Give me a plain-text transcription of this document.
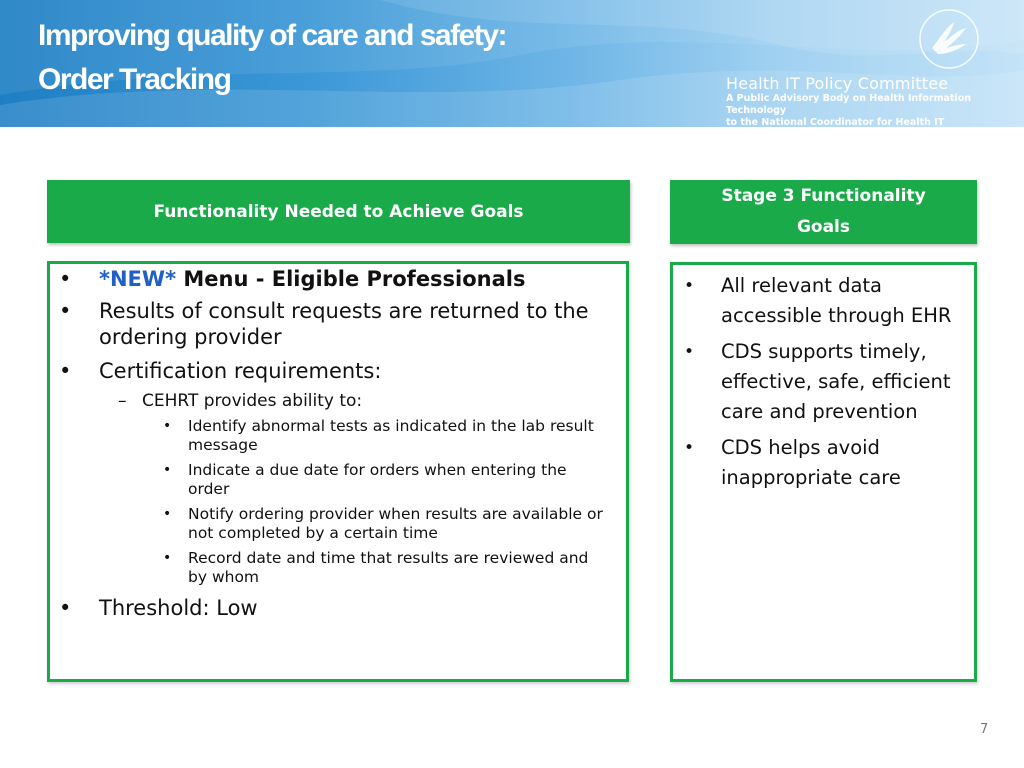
Improving quality of care and safety:
Order Tracking	Health IT Policy Committee
A Public Advisory Body on Health Information Technology
to the National Coordinator for Health IT
Functionality Needed to Achieve Goals
Stage 3 Functionality
Goals
• *NEW* Menu - Eligible Professionals
• Results of consult requests are returned to the ordering provider
• Certification requirements:
– CEHRT provides ability to:
• Identify abnormal tests as indicated in the lab result message
• Indicate a due date for orders when entering the order
• Notify ordering provider when results are available or not completed by a certain time
• Record date and time that results are reviewed and by whom
• Threshold: Low
• All relevant data accessible through EHR
• CDS supports timely, effective, safe, efficient care and prevention
• CDS helps avoid inappropriate care
7
